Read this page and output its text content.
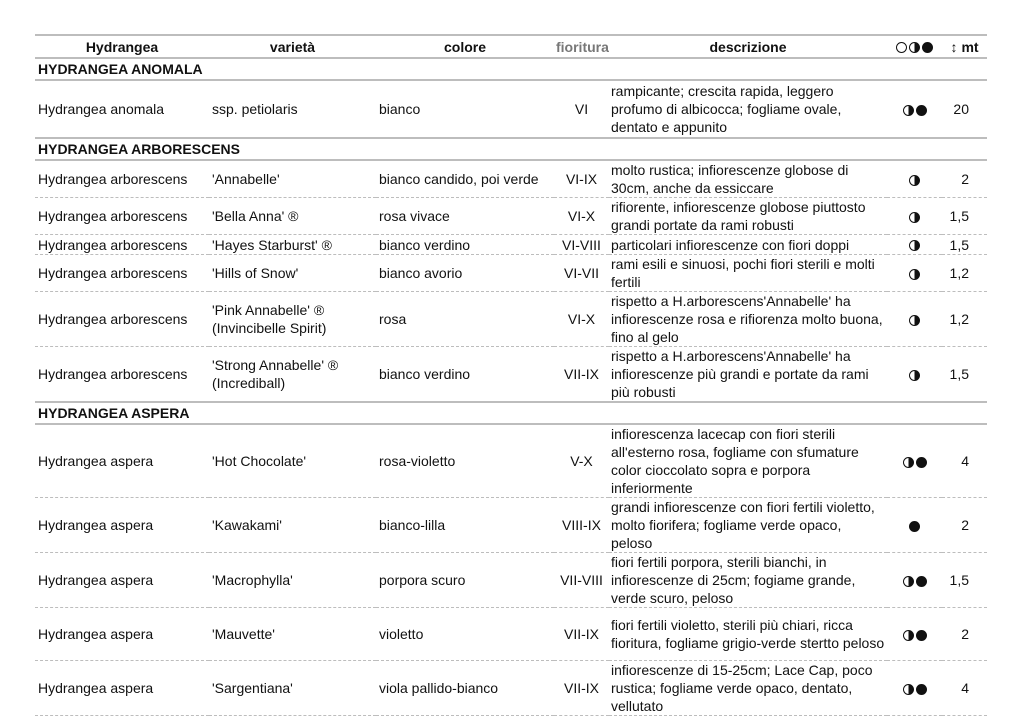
Hydrangea	varietà	colore	fioritura	descrizione		↕ mt
HYDRANGEA ANOMALA						
Hydrangea anomala	ssp. petiolaris	bianco	VI	rampicante; crescita rapida, leggero profumo di albicocca; fogliame ovale, dentato e appunito		20
HYDRANGEA ARBORESCENS						
Hydrangea arborescens	'Annabelle'	bianco candido, poi verde	VI-IX	molto rustica; infiorescenze globose di 30cm, anche da essiccare		2
Hydrangea arborescens	'Bella Anna' ®	rosa vivace	VI-X	rifiorente, infiorescenze globose piuttosto grandi portate da rami robusti		1,5
Hydrangea arborescens	'Hayes Starburst' ®	bianco verdino	VI-VIII	particolari infiorescenze con fiori doppi		1,5
Hydrangea arborescens	'Hills of Snow'	bianco avorio	VI-VII	rami esili e sinuosi, pochi fiori sterili e molti fertili		1,2
Hydrangea arborescens	'Pink Annabelle' ® (Invincibelle Spirit)	rosa	VI-X	rispetto a H.arborescens'Annabelle' ha infiorescenze rosa e rifiorenza molto buona, fino al gelo		1,2
Hydrangea arborescens	'Strong Annabelle' ® (Incrediball)	bianco verdino	VII-IX	rispetto a H.arborescens'Annabelle' ha infiorescenze più grandi e portate da rami più robusti		1,5
HYDRANGEA ASPERA						
Hydrangea aspera	'Hot Chocolate'	rosa-violetto	V-X	infiorescenza lacecap con fiori sterili all'esterno rosa, fogliame con sfumature color cioccolato sopra e porpora inferiormente		4
Hydrangea aspera	'Kawakami'	bianco-lilla	VIII-IX	grandi infiorescenze con fiori fertili violetto, molto fiorifera; fogliame verde opaco, peloso		2
Hydrangea aspera	'Macrophylla'	porpora scuro	VII-VIII	fiori fertili porpora, sterili bianchi, in infiorescenze di 25cm; fogiame grande, verde scuro, peloso		1,5
Hydrangea aspera	'Mauvette'	violetto	VII-IX	fiori fertili violetto, sterili più chiari, ricca fioritura, fogliame grigio-verde stertto peloso		2
Hydrangea aspera	'Sargentiana'	viola pallido-bianco	VII-IX	infiorescenze di 15-25cm; Lace Cap, poco rustica; fogliame verde opaco, dentato, vellutato		4
